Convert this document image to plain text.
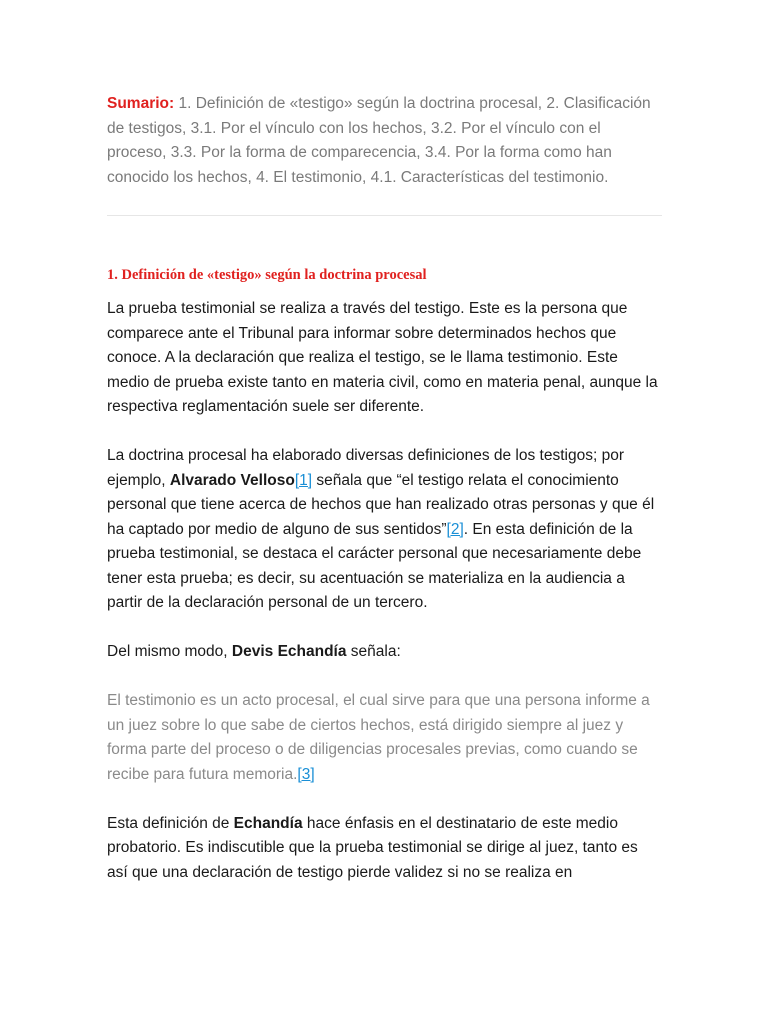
Sumario: 1. Definición de «testigo» según la doctrina procesal, 2. Clasificación de testigos, 3.1. Por el vínculo con los hechos, 3.2. Por el vínculo con el proceso, 3.3. Por la forma de comparecencia, 3.4. Por la forma como han conocido los hechos, 4. El testimonio, 4.1. Características del testimonio.

1. Definición de «testigo» según la doctrina procesal

La prueba testimonial se realiza a través del testigo. Este es la persona que comparece ante el Tribunal para informar sobre determinados hechos que conoce. A la declaración que realiza el testigo, se le llama testimonio. Este medio de prueba existe tanto en materia civil, como en materia penal, aunque la respectiva reglamentación suele ser diferente.

La doctrina procesal ha elaborado diversas definiciones de los testigos; por ejemplo, Alvarado Velloso[1] señala que “el testigo relata el conocimiento personal que tiene acerca de hechos que han realizado otras personas y que él ha captado por medio de alguno de sus sentidos”[2]. En esta definición de la prueba testimonial, se destaca el carácter personal que necesariamente debe tener esta prueba; es decir, su acentuación se materializa en la audiencia a partir de la declaración personal de un tercero.

Del mismo modo, Devis Echandía señala:

El testimonio es un acto procesal, el cual sirve para que una persona informe a un juez sobre lo que sabe de ciertos hechos, está dirigido siempre al juez y forma parte del proceso o de diligencias procesales previas, como cuando se recibe para futura memoria.[3]

Esta definición de Echandía hace énfasis en el destinatario de este medio probatorio. Es indiscutible que la prueba testimonial se dirige al juez, tanto es así que una declaración de testigo pierde validez si no se realiza en
